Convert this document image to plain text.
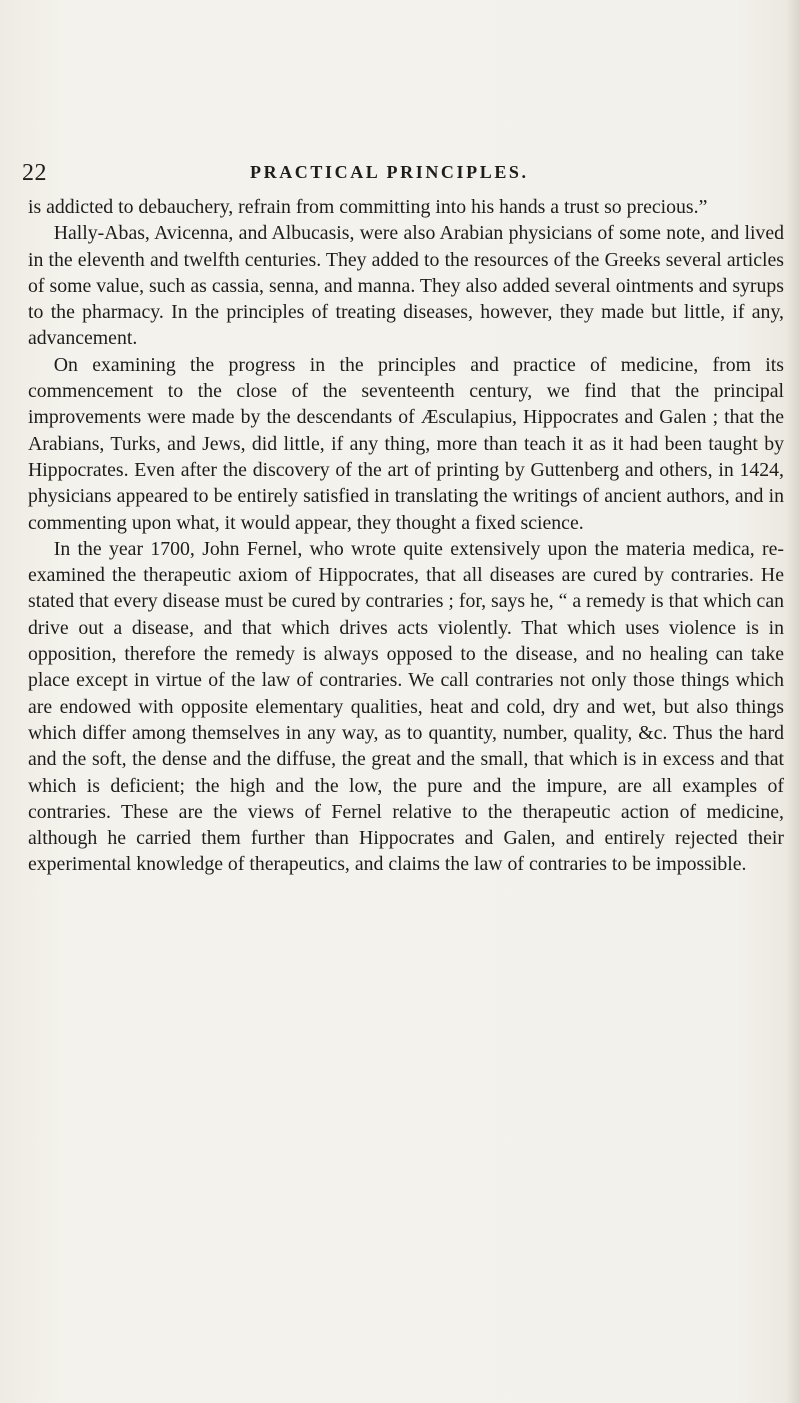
22	PRACTICAL PRINCIPLES.

is addicted to debauchery, refrain from committing into his hands a trust so precious.”

Hally-Abas, Avicenna, and Albucasis, were also Arabian physicians of some note, and lived in the eleventh and twelfth centuries. They added to the resources of the Greeks several articles of some value, such as cassia, senna, and manna. They also added several ointments and syrups to the pharmacy. In the principles of treating diseases, however, they made but little, if any, advancement.

On examining the progress in the principles and practice of medicine, from its commencement to the close of the seventeenth century, we find that the principal improvements were made by the descendants of Æsculapius, Hippocrates and Galen ; that the Arabians, Turks, and Jews, did little, if any thing, more than teach it as it had been taught by Hippocrates. Even after the discovery of the art of printing by Guttenberg and others, in 1424, physicians appeared to be entirely satisfied in translating the writings of ancient authors, and in commenting upon what, it would appear, they thought a fixed science.

In the year 1700, John Fernel, who wrote quite extensively upon the materia medica, re-examined the therapeutic axiom of Hippocrates, that all diseases are cured by contraries. He stated that every disease must be cured by contraries ; for, says he, “ a remedy is that which can drive out a disease, and that which drives acts violently. That which uses violence is in opposition, therefore the remedy is always opposed to the disease, and no healing can take place except in virtue of the law of contraries. We call contraries not only those things which are endowed with opposite elementary qualities, heat and cold, dry and wet, but also things which differ among themselves in any way, as to quantity, number, quality, &c. Thus the hard and the soft, the dense and the diffuse, the great and the small, that which is in excess and that which is deficient; the high and the low, the pure and the impure, are all examples of contraries. These are the views of Fernel relative to the therapeutic action of medicine, although he carried them further than Hippocrates and Galen, and entirely rejected their experimental knowledge of therapeutics, and claims the law of contraries to be impossible.
